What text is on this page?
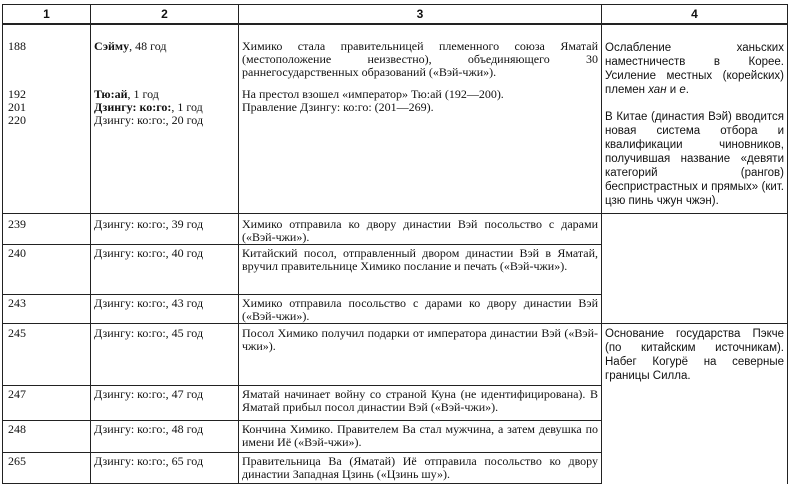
1	2	3	4
188	Сэйму, 48 год	Химико стала правительницей племенного союза Яматай (местоположение неизвестно), объединяющего 30 раннегосударственных образований («Вэй-чжи»).	Ослабление ханьских наместничеств в Корее. Усиление местных (корейских) племен хан и е.
192	Тю:ай, 1 год	На престол взошел «император» Тю:ай (192—200).	
201	Дзингу: ко:го:, 1 год	Правление Дзингу: ко:го: (201—269).	В Китае (династия Вэй) вводится новая система отбора и квалификации чиновников, получившая название «девяти категорий (рангов) беспристрастных и прямых» (кит. цзю пинь чжун чжэн).
220	Дзингу: ко:го:, 20 год		
239	Дзингу: ко:го:, 39 год	Химико отправила ко двору династии Вэй посольство с дарами («Вэй-чжи»).	
240	Дзингу: ко:го:, 40 год	Китайский посол, отправленный двором династии Вэй в Яматай, вручил правительнице Химико послание и печать («Вэй-чжи»).	
243	Дзингу: ко:го:, 43 год	Химико отправила посольство с дарами ко двору династии Вэй («Вэй-чжи»).	
245	Дзингу: ко:го:, 45 год	Посол Химико получил подарки от императора династии Вэй («Вэй-чжи»).	Основание государства Пэкче (по китайским источникам). Набег Когурё на северные границы Силла.
247	Дзингу: ко:го:, 47 год	Яматай начинает войну со страной Куна (не идентифицирована). В Яматай прибыл посол династии Вэй («Вэй-чжи»).	
248	Дзингу: ко:го:, 48 год	Кончина Химико. Правителем Ва стал мужчина, а затем девушка по имени Иё («Вэй-чжи»).	
265	Дзингу: ко:го:, 65 год	Правительница Ва (Яматай) Иё отправила посольство ко двору династии Западная Цзинь («Цзинь шу»).	
